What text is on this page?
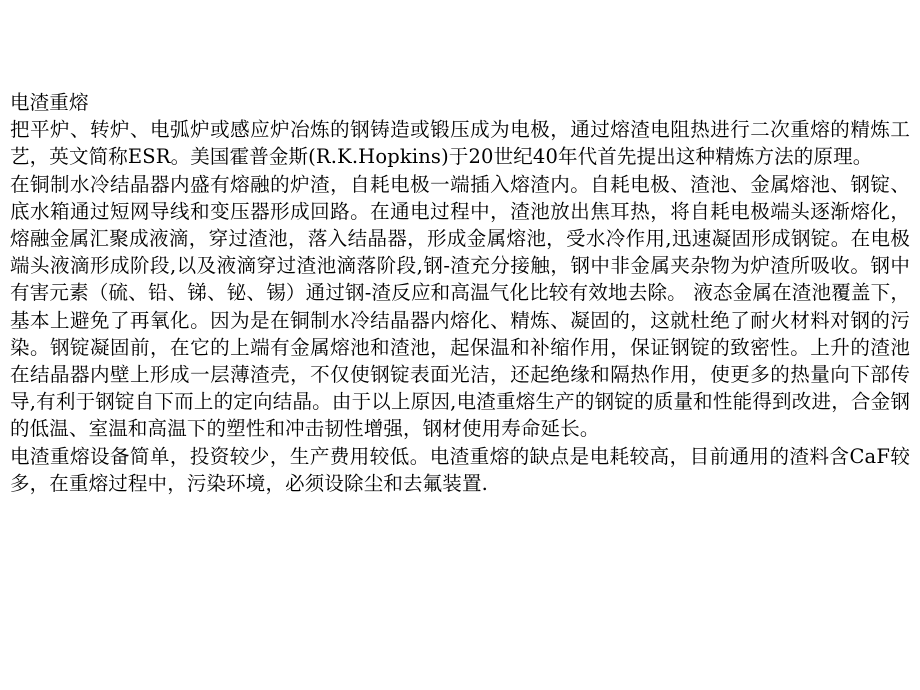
电渣重熔

把平炉、转炉、电弧炉或感应炉冶炼的钢铸造或锻压成为电极，通过熔渣电阻热进行二次重熔的精炼工艺，英文简称ESR。美国霍普金斯(R.K.Hopkins)于20世纪40年代首先提出这种精炼方法的原理。

在铜制水冷结晶器内盛有熔融的炉渣，自耗电极一端插入熔渣内。自耗电极、渣池、金属熔池、钢锭、底水箱通过短网导线和变压器形成回路。在通电过程中，渣池放出焦耳热，将自耗电极端头逐渐熔化，熔融金属汇聚成液滴，穿过渣池，落入结晶器，形成金属熔池，受水冷作用,迅速凝固形成钢锭。在电极端头液滴形成阶段,以及液滴穿过渣池滴落阶段,钢-渣充分接触，钢中非金属夹杂物为炉渣所吸收。钢中有害元素（硫、铅、锑、铋、锡）通过钢-渣反应和高温气化比较有效地去除。 液态金属在渣池覆盖下，基本上避免了再氧化。因为是在铜制水冷结晶器内熔化、精炼、凝固的，这就杜绝了耐火材料对钢的污染。钢锭凝固前，在它的上端有金属熔池和渣池，起保温和补缩作用，保证钢锭的致密性。上升的渣池在结晶器内壁上形成一层薄渣壳，不仅使钢锭表面光洁，还起绝缘和隔热作用，使更多的热量向下部传导,有利于钢锭自下而上的定向结晶。由于以上原因,电渣重熔生产的钢锭的质量和性能得到改进，合金钢的低温、室温和高温下的塑性和冲击韧性增强，钢材使用寿命延长。

电渣重熔设备简单，投资较少，生产费用较低。电渣重熔的缺点是电耗较高，目前通用的渣料含CaF较多，在重熔过程中，污染环境，必须设除尘和去氟装置.
